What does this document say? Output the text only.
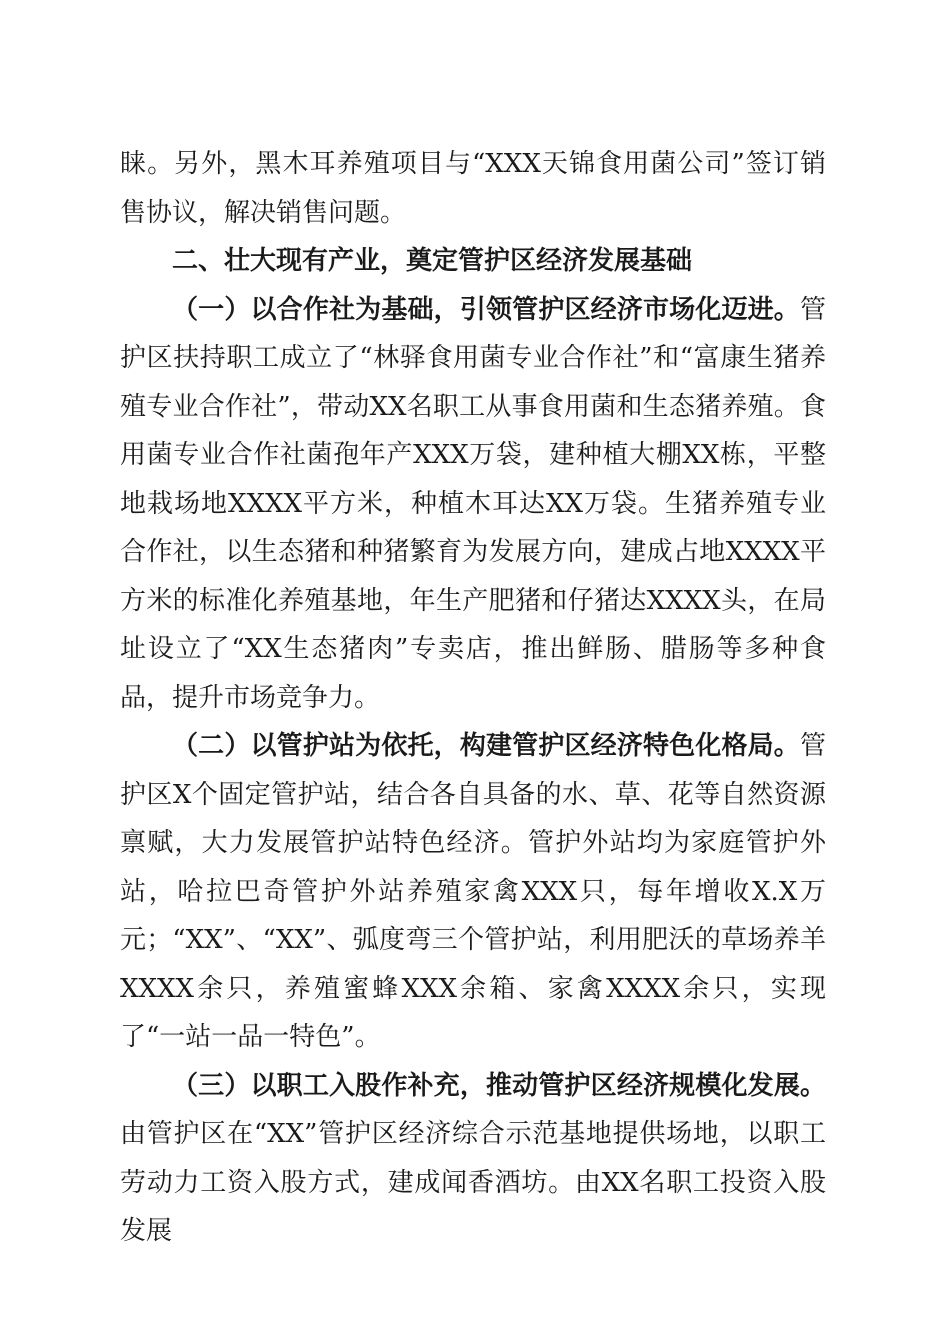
睐。另外，黑木耳养殖项目与“XXX天锦食用菌公司”签订销售协议，解决销售问题。

二、壮大现有产业，奠定管护区经济发展基础

（一）以合作社为基础，引领管护区经济市场化迈进。管护区扶持职工成立了“林驿食用菌专业合作社”和“富康生猪养殖专业合作社”，带动XX名职工从事食用菌和生态猪养殖。食用菌专业合作社菌孢年产XXX万袋，建种植大棚XX栋，平整地栽场地XXXX平方米，种植木耳达XX万袋。生猪养殖专业合作社，以生态猪和种猪繁育为发展方向，建成占地XXXX平方米的标准化养殖基地，年生产肥猪和仔猪达XXXX头，在局址设立了“XX生态猪肉”专卖店，推出鲜肠、腊肠等多种食品，提升市场竞争力。

（二）以管护站为依托，构建管护区经济特色化格局。管护区X个固定管护站，结合各自具备的水、草、花等自然资源禀赋，大力发展管护站特色经济。管护外站均为家庭管护外站，哈拉巴奇管护外站养殖家禽XXX只，每年增收X.X万元；“XX”、“XX”、弧度弯三个管护站，利用肥沃的草场养羊XXXX余只，养殖蜜蜂XXX余箱、家禽XXXX余只，实现了“一站一品一特色”。

（三）以职工入股作补充，推动管护区经济规模化发展。由管护区在“XX”管护区经济综合示范基地提供场地，以职工劳动力工资入股方式，建成闻香酒坊。由XX名职工投资入股发展
